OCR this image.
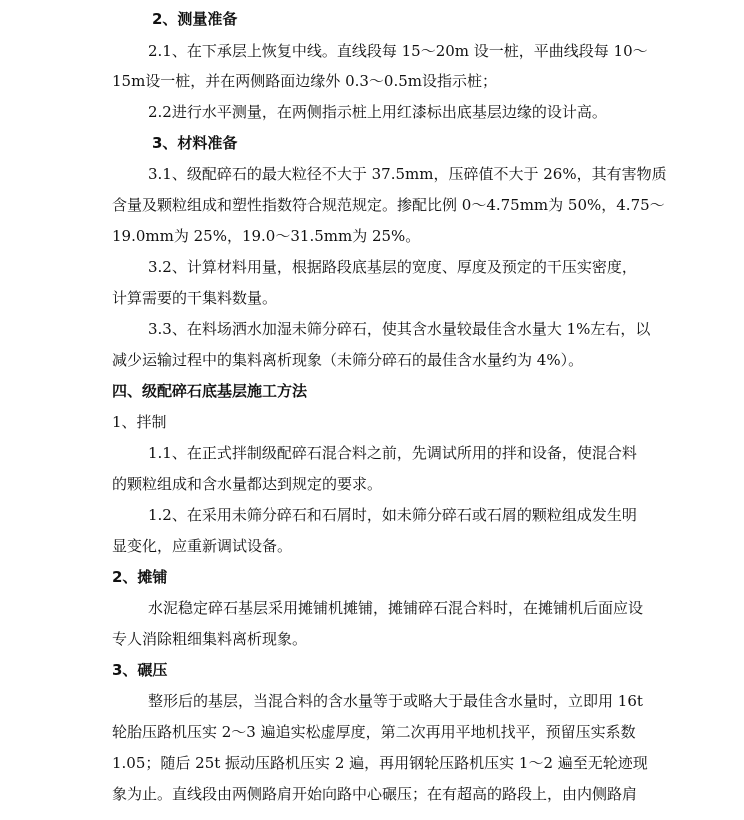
2、测量准备
2.1、在下承层上恢复中线。直线段每 15～20m 设一桩，平曲线段每 10～
15m设一桩，并在两侧路面边缘外 0.3～0.5m设指示桩；
2.2进行水平测量，在两侧指示桩上用红漆标出底基层边缘的设计高。
3、材料准备
3.1、级配碎石的最大粒径不大于 37.5mm，压碎值不大于 26%，其有害物质
含量及颗粒组成和塑性指数符合规范规定。掺配比例 0～4.75mm为 50%，4.75～
19.0mm为 25%，19.0～31.5mm为 25%。
3.2、计算材料用量，根据路段底基层的宽度、厚度及预定的干压实密度，
计算需要的干集料数量。
3.3、在料场洒水加湿未筛分碎石，使其含水量较最佳含水量大 1%左右，以
减少运输过程中的集料离析现象（未筛分碎石的最佳含水量约为 4%）。
四、级配碎石底基层施工方法
1、拌制
1.1、在正式拌制级配碎石混合料之前，先调试所用的拌和设备，使混合料
的颗粒组成和含水量都达到规定的要求。
1.2、在采用未筛分碎石和石屑时，如未筛分碎石或石屑的颗粒组成发生明
显变化，应重新调试设备。
2、摊铺
水泥稳定碎石基层采用摊铺机摊铺，摊铺碎石混合料时，在摊铺机后面应设
专人消除粗细集料离析现象。
3、碾压
整形后的基层，当混合料的含水量等于或略大于最佳含水量时，立即用 16t
轮胎压路机压实 2～3 遍追实松虚厚度，第二次再用平地机找平，预留压实系数
1.05；随后 25t 振动压路机压实 2 遍，再用钢轮压路机压实 1～2 遍至无轮迹现
象为止。直线段由两侧路肩开始向路中心碾压；在有超高的路段上，由内侧路肩
